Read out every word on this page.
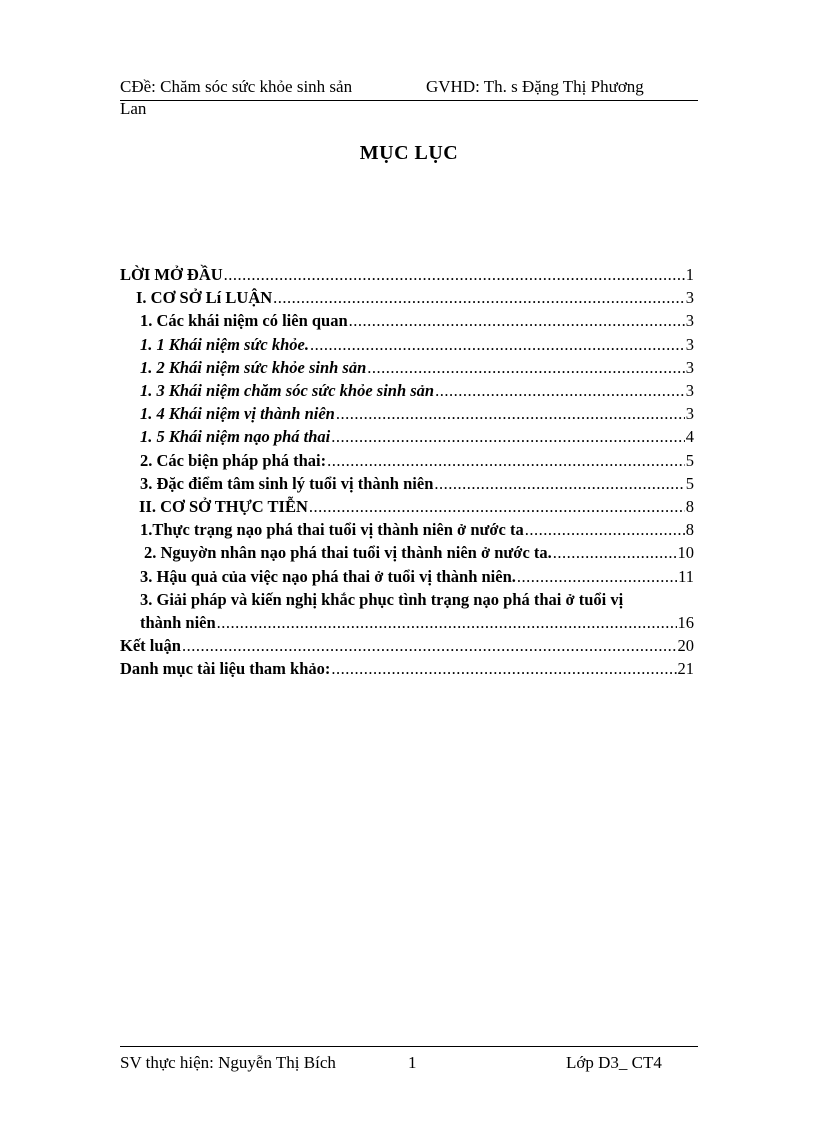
CĐề: Chăm sóc sức khỏe sinh sản	GVHD: Th. s Đặng Thị Phương
Lan
MỤC LỤC
LỜI MỞ ĐẦU .....	1
I. CƠ SỞ Lí LUẬN .....	3
1. Các khái niệm có liên quan .....	3
1. 1 Khái niệm sức khỏe. .....	3
1. 2 Khái niệm sức khỏe sinh sản .....	3
1. 3 Khái niệm chăm sóc sức khỏe sinh sản .....	3
1. 4 Khái niệm vị thành niên .....	3
1. 5 Khái niệm nạo phá thai .....	4
2. Các biện pháp phá thai: .....	5
3. Đặc điểm tâm sinh lý tuổi vị thành niên .....	5
II. CƠ SỞ THỰC TIỄN .....	8
1.Thực trạng nạo phá thai tuổi vị thành niên ở nước ta .....	8
2. Nguyờn nhân nạo phá thai tuổi vị thành niên ở nước ta. .....	10
3. Hậu quả của việc nạo phá thai ở tuổi vị thành niên. .....	11
3. Giải pháp và kiến nghị khắc phục tình trạng nạo phá thai ở tuổi vị
thành niên .....	16
Kết luận .....	20
Danh mục tài liệu tham khảo: .....	21
SV thực hiện: Nguyễn Thị Bích	1	Lớp D3_ CT4
